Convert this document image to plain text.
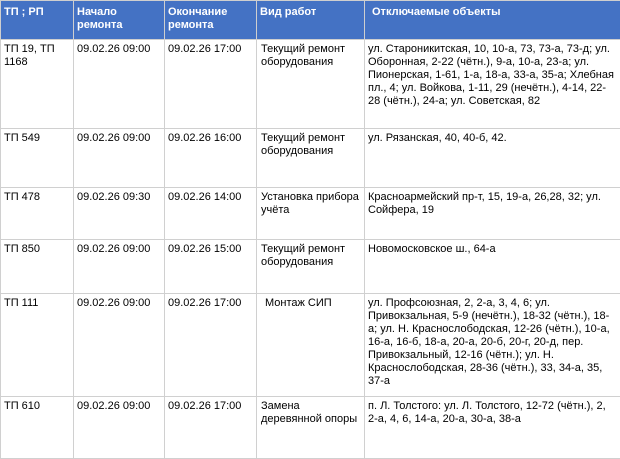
ТП ; РП	Начало ремонта	Окончание ремонта	Вид работ	Отключаемые объекты
ТП 19, ТП 1168	09.02.26 09:00	09.02.26 17:00	Текущий ремонт оборудования	ул. Староникитская, 10, 10-а, 73, 73-а, 73-д; ул. Оборонная, 2-22 (чётн.), 9-а, 10-а, 23-а; ул. Пионерская, 1-61, 1-а, 18-а, 33-а, 35-а; Хлебная пл., 4; ул. Войкова, 1-11, 29 (нечётн.), 4-14, 22-28 (чётн.), 24-а; ул. Советская, 82
ТП 549	09.02.26 09:00	09.02.26 16:00	Текущий ремонт оборудования	ул. Рязанская, 40, 40-б, 42.
ТП 478	09.02.26 09:30	09.02.26 14:00	Установка прибора учёта	Красноармейский пр-т, 15, 19-а, 26,28, 32; ул. Сойфера, 19
ТП 850	09.02.26 09:00	09.02.26 15:00	Текущий ремонт оборудования	Новомосковское ш., 64-а
ТП 111	09.02.26 09:00	09.02.26 17:00	Монтаж СИП	ул. Профсоюзная, 2, 2-а, 3, 4, 6; ул. Привокзальная, 5-9 (нечётн.), 18-32 (чётн.), 18-а; ул. Н. Краснослободская, 12-26 (чётн.), 10-а, 16-а, 16-б, 18-а, 20-а, 20-б, 20-г, 20-д, пер. Привокзальный, 12-16 (чётн.); ул. Н. Краснослободская, 28-36 (чётн.), 33, 34-а, 35, 37-а
ТП 610	09.02.26 09:00	09.02.26 17:00	Замена деревянной опоры	п. Л. Толстого: ул. Л. Толстого, 12-72 (чётн.), 2, 2-а, 4, 6, 14-а, 20-а, 30-а, 38-а
